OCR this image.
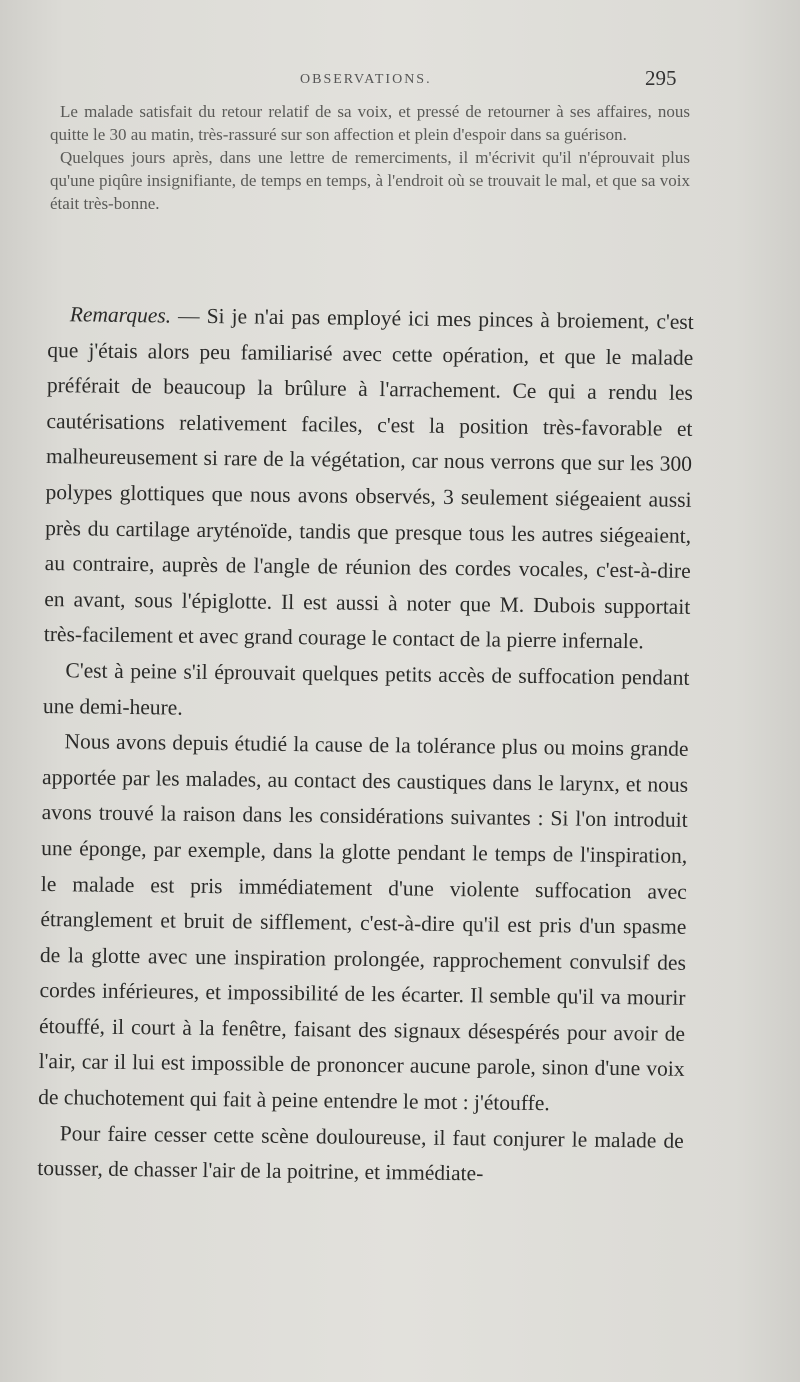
OBSERVATIONS.	295

Le malade satisfait du retour relatif de sa voix, et pressé de retourner à ses affaires, nous quitte le 30 au matin, très-rassuré sur son affection et plein d'espoir dans sa guérison.

Quelques jours après, dans une lettre de remerciments, il m'écrivit qu'il n'éprouvait plus qu'une piqûre insignifiante, de temps en temps, à l'endroit où se trouvait le mal, et que sa voix était très-bonne.

Remarques. — Si je n'ai pas employé ici mes pinces à broiement, c'est que j'étais alors peu familiarisé avec cette opération, et que le malade préférait de beaucoup la brûlure à l'arrachement. Ce qui a rendu les cautérisations relativement faciles, c'est la position très-favorable et malheureusement si rare de la végétation, car nous verrons que sur les 300 polypes glottiques que nous avons observés, 3 seulement siégeaient aussi près du cartilage aryténoïde, tandis que presque tous les autres siégeaient, au contraire, auprès de l'angle de réunion des cordes vocales, c'est-à-dire en avant, sous l'épiglotte. Il est aussi à noter que M. Dubois supportait très-facilement et avec grand courage le contact de la pierre infernale.

C'est à peine s'il éprouvait quelques petits accès de suffocation pendant une demi-heure.

Nous avons depuis étudié la cause de la tolérance plus ou moins grande apportée par les malades, au contact des caustiques dans le larynx, et nous avons trouvé la raison dans les considérations suivantes : Si l'on introduit une éponge, par exemple, dans la glotte pendant le temps de l'inspiration, le malade est pris immédiatement d'une violente suffocation avec étranglement et bruit de sifflement, c'est-à-dire qu'il est pris d'un spasme de la glotte avec une inspiration prolongée, rapprochement convulsif des cordes inférieures, et impossibilité de les écarter. Il semble qu'il va mourir étouffé, il court à la fenêtre, faisant des signaux désespérés pour avoir de l'air, car il lui est impossible de prononcer aucune parole, sinon d'une voix de chuchotement qui fait à peine entendre le mot : j'étouffe.

Pour faire cesser cette scène douloureuse, il faut conjurer le malade de tousser, de chasser l'air de la poitrine, et immédiate-
